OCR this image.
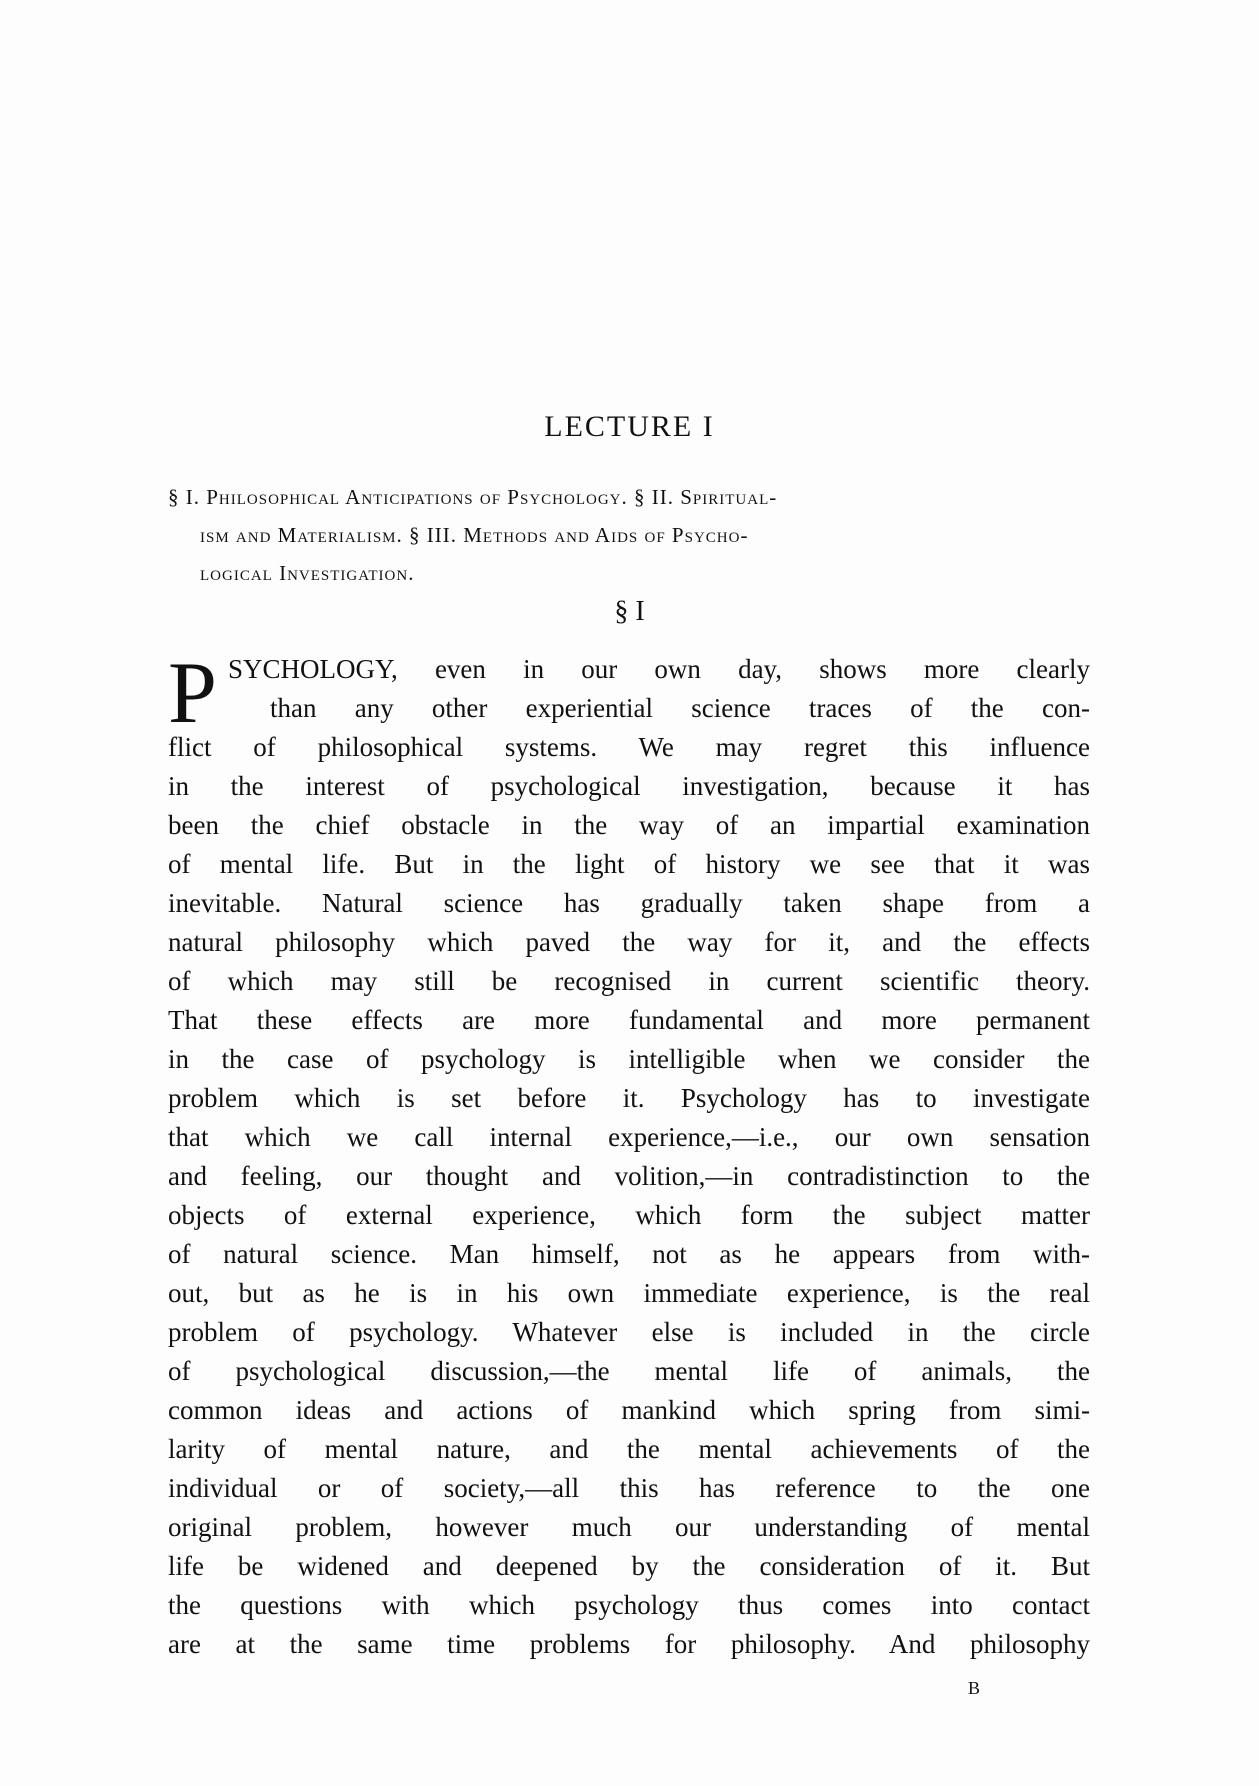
LECTURE I
§ I. Philosophical Anticipations of Psychology. § II. Spiritual-
ism and Materialism. § III. Methods and Aids of Psycho-
logical Investigation.
§ I
P SYCHOLOGY, even in our own day, shows more clearly
than any other experiential science traces of the con-
flict of philosophical systems. We may regret this influence
in the interest of psychological investigation, because it has
been the chief obstacle in the way of an impartial examination
of mental life. But in the light of history we see that it was
inevitable. Natural science has gradually taken shape from a
natural philosophy which paved the way for it, and the effects
of which may still be recognised in current scientific theory.
That these effects are more fundamental and more permanent
in the case of psychology is intelligible when we consider the
problem which is set before it. Psychology has to investigate
that which we call internal experience,—i.e., our own sensation
and feeling, our thought and volition,—in contradistinction to the
objects of external experience, which form the subject matter
of natural science. Man himself, not as he appears from with-
out, but as he is in his own immediate experience, is the real
problem of psychology. Whatever else is included in the circle
of psychological discussion,—the mental life of animals, the
common ideas and actions of mankind which spring from simi-
larity of mental nature, and the mental achievements of the
individual or of society,—all this has reference to the one
original problem, however much our understanding of mental
life be widened and deepened by the consideration of it. But
the questions with which psychology thus comes into contact
are at the same time problems for philosophy. And philosophy
B
